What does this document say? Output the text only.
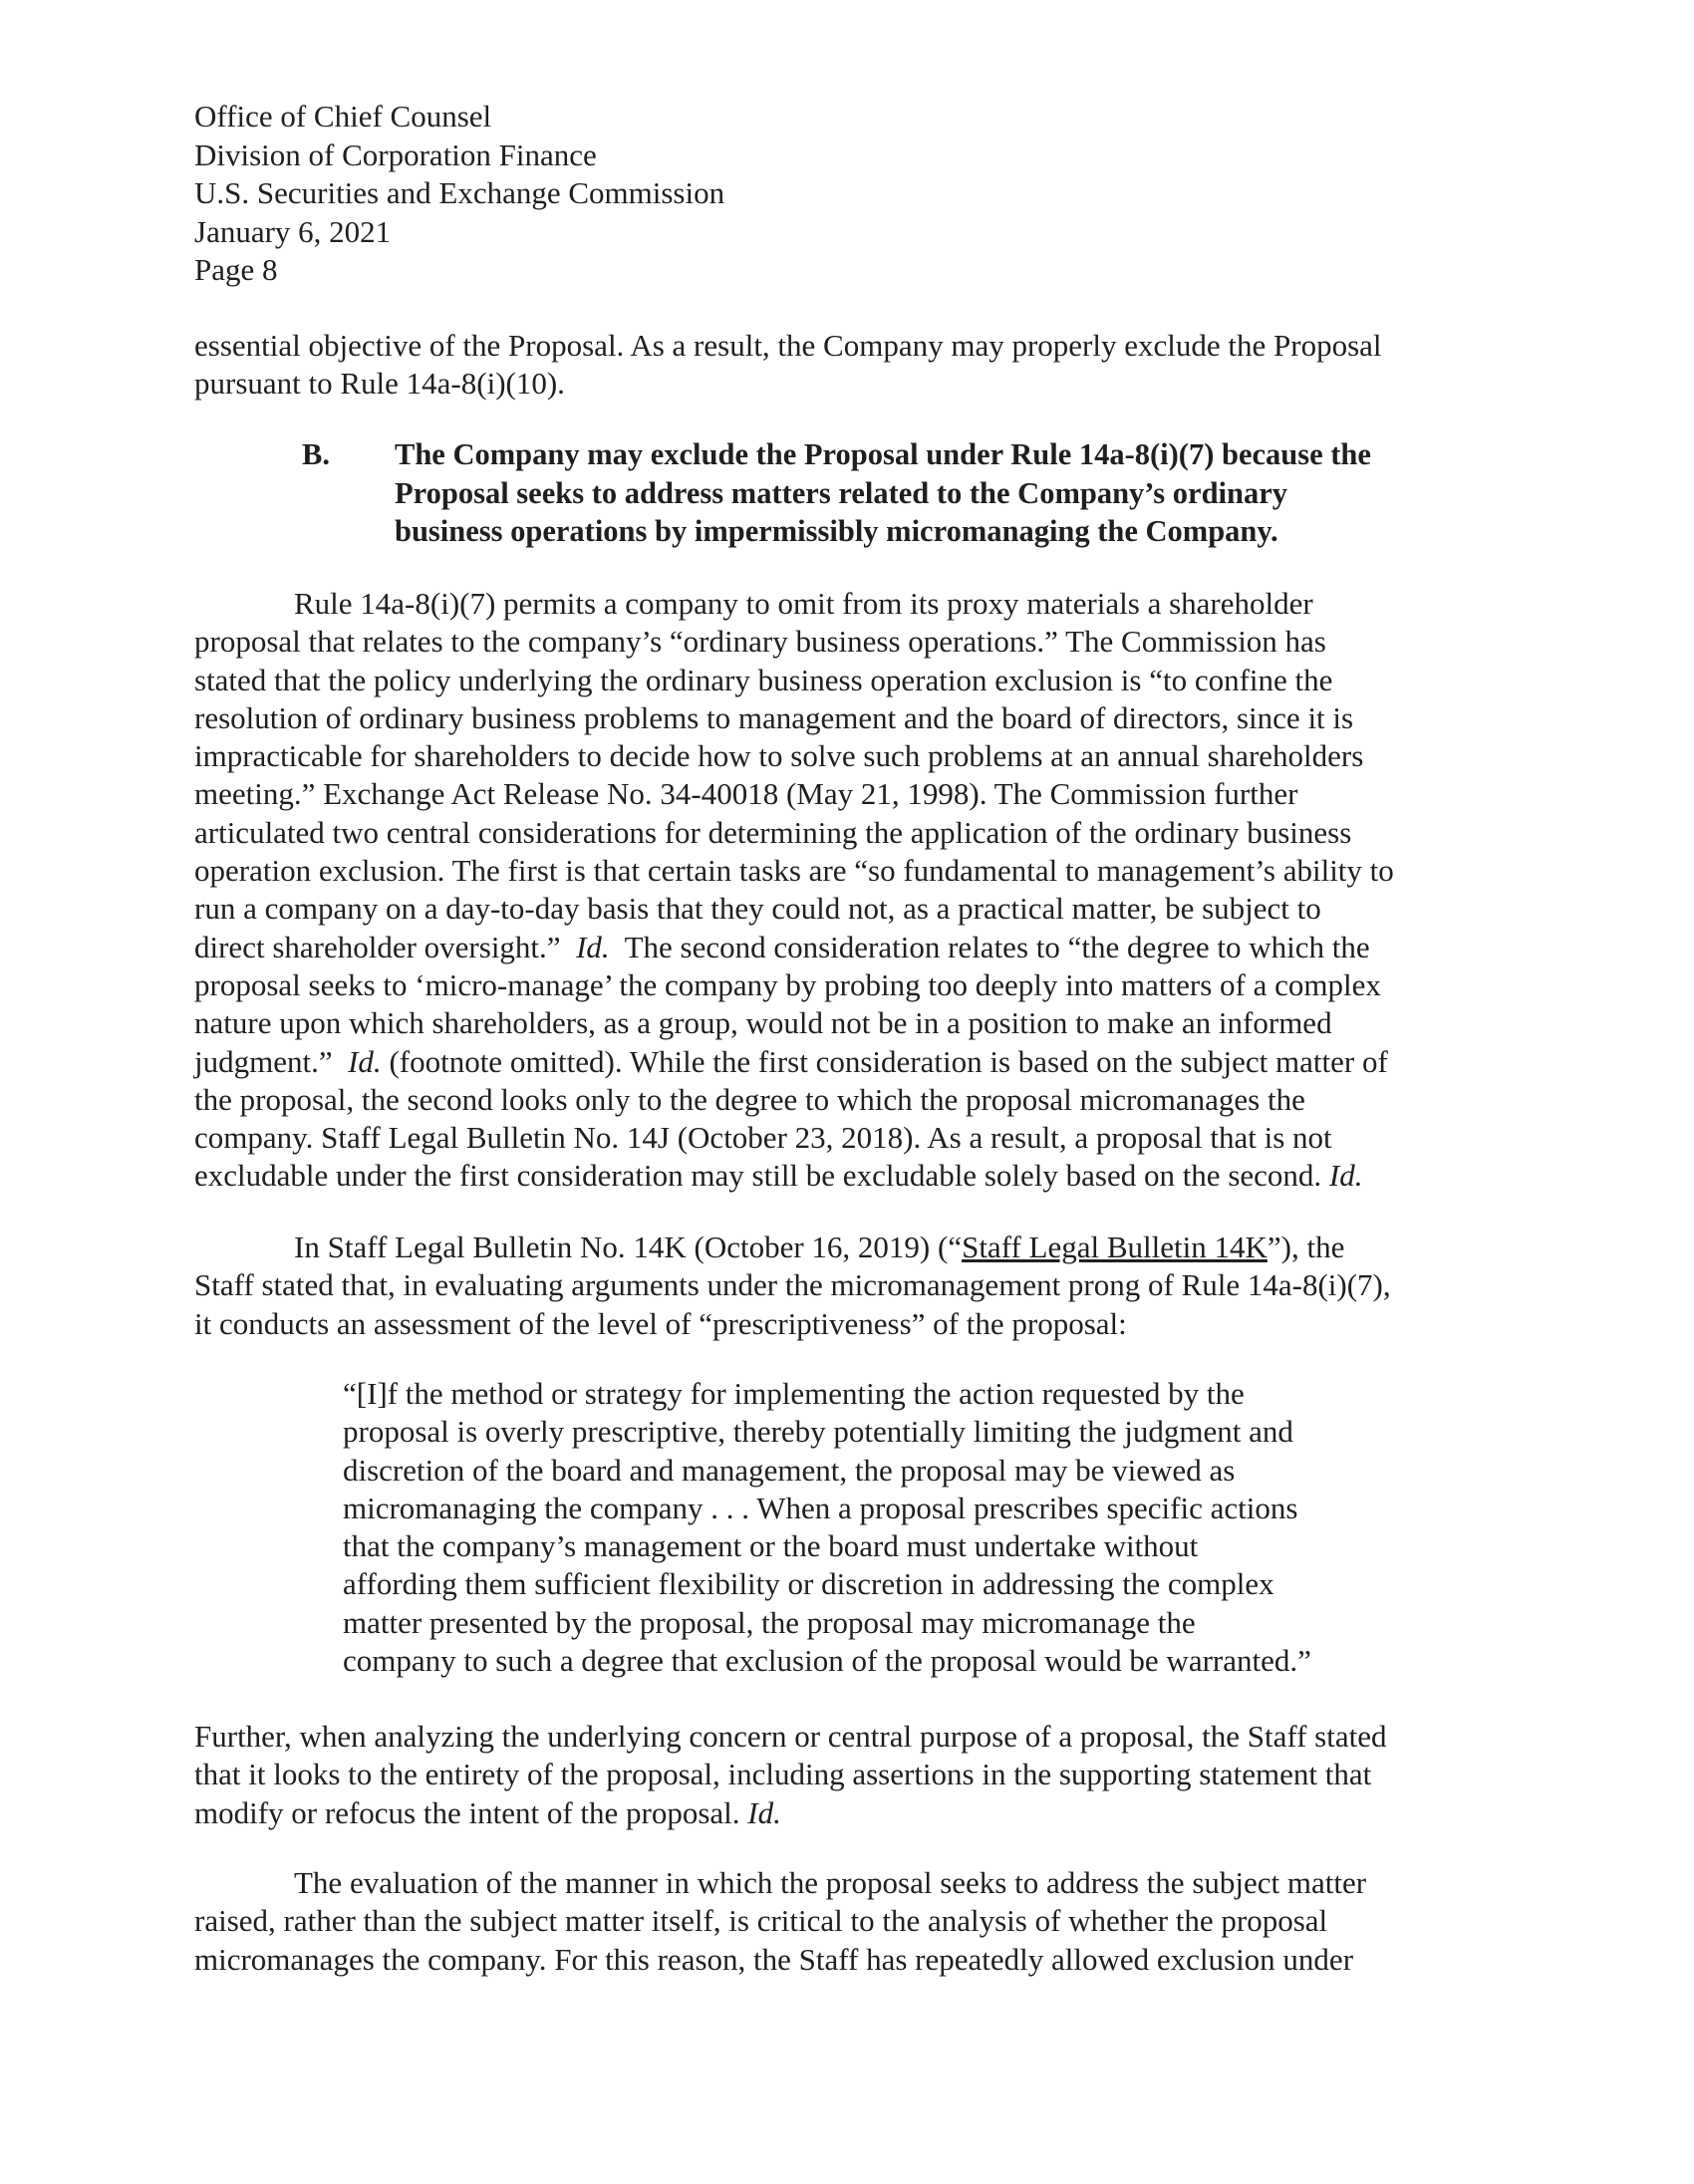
Office of Chief Counsel
Division of Corporation Finance
U.S. Securities and Exchange Commission
January 6, 2021
Page 8
essential objective of the Proposal. As a result, the Company may properly exclude the Proposal
pursuant to Rule 14a-8(i)(10).
B. The Company may exclude the Proposal under Rule 14a-8(i)(7) because the
Proposal seeks to address matters related to the Company’s ordinary
business operations by impermissibly micromanaging the Company.
Rule 14a-8(i)(7) permits a company to omit from its proxy materials a shareholder
proposal that relates to the company’s “ordinary business operations.” The Commission has
stated that the policy underlying the ordinary business operation exclusion is “to confine the
resolution of ordinary business problems to management and the board of directors, since it is
impracticable for shareholders to decide how to solve such problems at an annual shareholders
meeting.” Exchange Act Release No. 34-40018 (May 21, 1998). The Commission further
articulated two central considerations for determining the application of the ordinary business
operation exclusion. The first is that certain tasks are “so fundamental to management’s ability to
run a company on a day-to-day basis that they could not, as a practical matter, be subject to
direct shareholder oversight.”  Id.  The second consideration relates to “the degree to which the
proposal seeks to ‘micro-manage’ the company by probing too deeply into matters of a complex
nature upon which shareholders, as a group, would not be in a position to make an informed
judgment.”  Id. (footnote omitted). While the first consideration is based on the subject matter of
the proposal, the second looks only to the degree to which the proposal micromanages the
company. Staff Legal Bulletin No. 14J (October 23, 2018). As a result, a proposal that is not
excludable under the first consideration may still be excludable solely based on the second. Id.
In Staff Legal Bulletin No. 14K (October 16, 2019) (“Staff Legal Bulletin 14K”), the
Staff stated that, in evaluating arguments under the micromanagement prong of Rule 14a-8(i)(7),
it conducts an assessment of the level of “prescriptiveness” of the proposal:
“[I]f the method or strategy for implementing the action requested by the
proposal is overly prescriptive, thereby potentially limiting the judgment and
discretion of the board and management, the proposal may be viewed as
micromanaging the company . . . When a proposal prescribes specific actions
that the company’s management or the board must undertake without
affording them sufficient flexibility or discretion in addressing the complex
matter presented by the proposal, the proposal may micromanage the
company to such a degree that exclusion of the proposal would be warranted.”
Further, when analyzing the underlying concern or central purpose of a proposal, the Staff stated
that it looks to the entirety of the proposal, including assertions in the supporting statement that
modify or refocus the intent of the proposal. Id.
The evaluation of the manner in which the proposal seeks to address the subject matter
raised, rather than the subject matter itself, is critical to the analysis of whether the proposal
micromanages the company. For this reason, the Staff has repeatedly allowed exclusion under
